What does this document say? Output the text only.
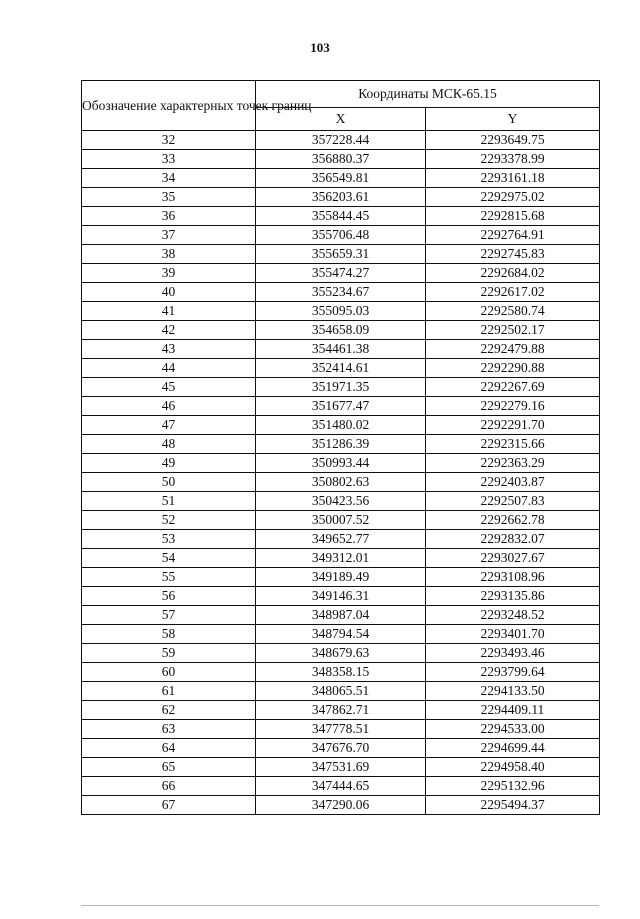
103
Обозначение характерных точек границ	Координаты МСК-65.15	
	X	Y
32	357228.44	2293649.75
33	356880.37	2293378.99
34	356549.81	2293161.18
35	356203.61	2292975.02
36	355844.45	2292815.68
37	355706.48	2292764.91
38	355659.31	2292745.83
39	355474.27	2292684.02
40	355234.67	2292617.02
41	355095.03	2292580.74
42	354658.09	2292502.17
43	354461.38	2292479.88
44	352414.61	2292290.88
45	351971.35	2292267.69
46	351677.47	2292279.16
47	351480.02	2292291.70
48	351286.39	2292315.66
49	350993.44	2292363.29
50	350802.63	2292403.87
51	350423.56	2292507.83
52	350007.52	2292662.78
53	349652.77	2292832.07
54	349312.01	2293027.67
55	349189.49	2293108.96
56	349146.31	2293135.86
57	348987.04	2293248.52
58	348794.54	2293401.70
59	348679.63	2293493.46
60	348358.15	2293799.64
61	348065.51	2294133.50
62	347862.71	2294409.11
63	347778.51	2294533.00
64	347676.70	2294699.44
65	347531.69	2294958.40
66	347444.65	2295132.96
67	347290.06	2295494.37
